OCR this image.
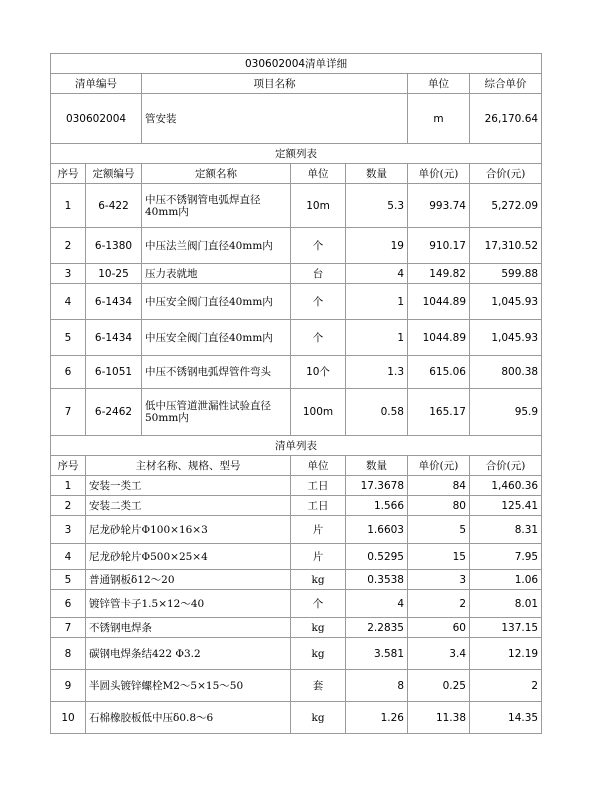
030602004清单详细						
清单编号		项目名称			单位	综合单价
030602004		管安装			m	26,170.64
定额列表						
序号	定额编号	定额名称	单位	数量	单价(元)	合价(元)
1	6-422	中压不锈钢管电弧焊直径40mm内	10m	5.3	993.74	5,272.09
2	6-1380	中压法兰阀门直径40mm内	个	19	910.17	17,310.52
3	10-25	压力表就地	台	4	149.82	599.88
4	6-1434	中压安全阀门直径40mm内	个	1	1044.89	1,045.93
5	6-1434	中压安全阀门直径40mm内	个	1	1044.89	1,045.93
6	6-1051	中压不锈钢电弧焊管件弯头	10个	1.3	615.06	800.38
7	6-2462	低中压管道泄漏性试验直径50mm内	100m	0.58	165.17	95.9
清单列表						
序号	主材名称、规格、型号		单位	数量	单价(元)	合价(元)
1	安装一类工		工日	17.3678	84	1,460.36
2	安装二类工		工日	1.566	80	125.41
3	尼龙砂轮片Φ100×16×3		片	1.6603	5	8.31
4	尼龙砂轮片Φ500×25×4		片	0.5295	15	7.95
5	普通钢板δ12～20		kg	0.3538	3	1.06
6	镀锌管卡子1.5×12～40		个	4	2	8.01
7	不锈钢电焊条		kg	2.2835	60	137.15
8	碳钢电焊条结422 Φ3.2		kg	3.581	3.4	12.19
9	半圆头镀锌螺栓M2～5×15～50		套	8	0.25	2
10	石棉橡胶板低中压δ0.8～6		kg	1.26	11.38	14.35
